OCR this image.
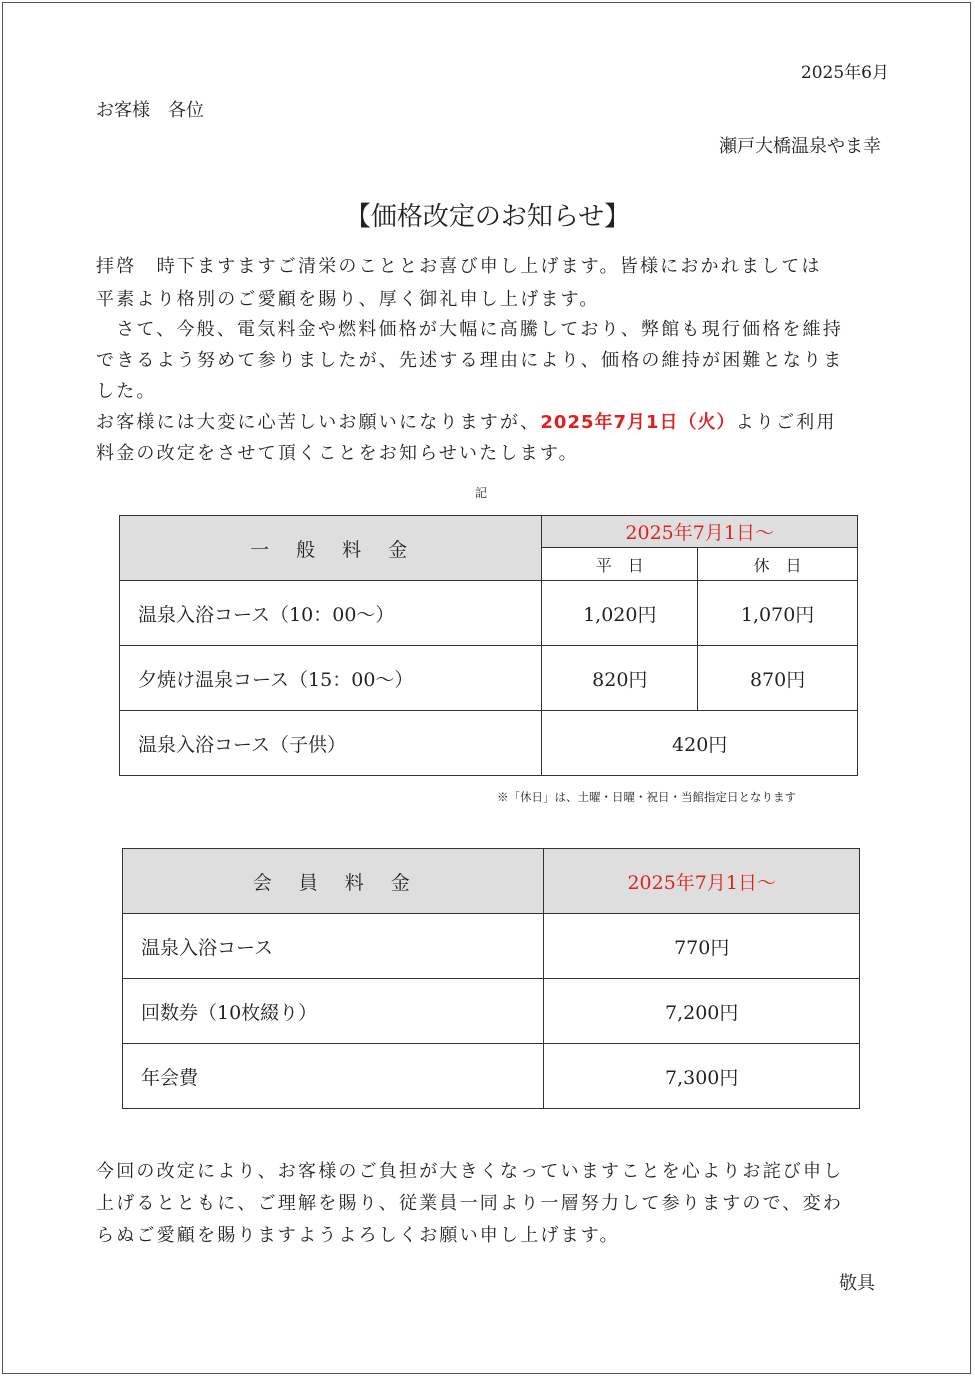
2025年6月
お客様　各位
瀬戸大橋温泉やま幸
【価格改定のお知らせ】
拝啓　時下ますますご清栄のこととお喜び申し上げます。皆様におかれましては
平素より格別のご愛顧を賜り、厚く御礼申し上げます。
　さて、今般、電気料金や燃料価格が大幅に高騰しており、弊館も現行価格を維持
できるよう努めて参りましたが、先述する理由により、価格の維持が困難となりま
した。
お客様には大変に心苦しいお願いになりますが、2025年7月1日（火）よりご利用
料金の改定をさせて頂くことをお知らせいたします。
記
一　般　料　金	2025年7月1日～	
	平　日	休　日
温泉入浴コース（10：00～）	1,020円	1,070円
夕焼け温泉コース（15：00～）	820円	870円
温泉入浴コース（子供）	420円	
※「休日」は、土曜・日曜・祝日・当館指定日となります
会　員　料　金	2025年7月1日～
温泉入浴コース	770円
回数券（10枚綴り）	7,200円
年会費	7,300円
今回の改定により、お客様のご負担が大きくなっていますことを心よりお詫び申し
上げるとともに、ご理解を賜り、従業員一同より一層努力して参りますので、変わ
らぬご愛顧を賜りますようよろしくお願い申し上げます。
敬具
